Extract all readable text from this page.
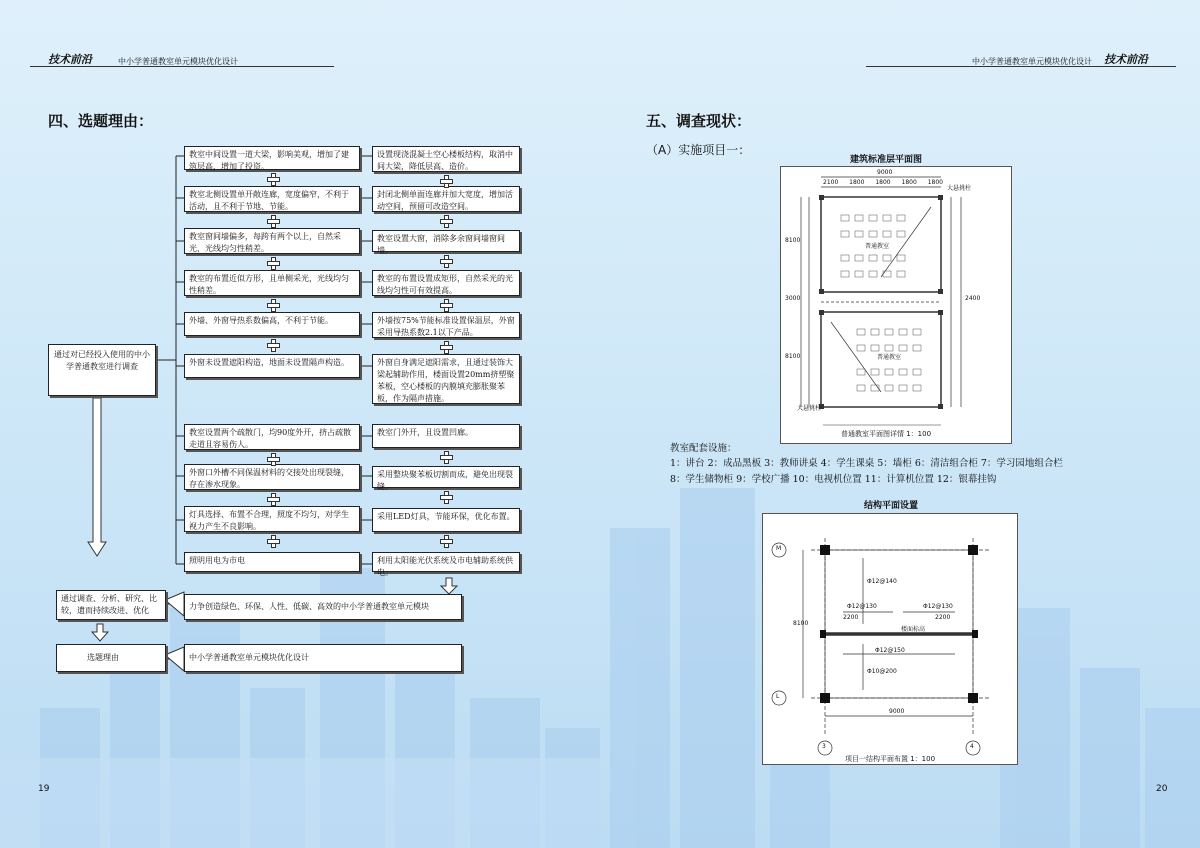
技术前沿	中小学普通教室单元模块优化设计
四、选题理由：
通过对已经投入使用的中小学普通教室进行调查
教室中间设置一道大梁，影响美观，增加了建筑层高，增加了投资。
教室北侧设置单开敞连廊，宽度偏窄，不利于活动，且不利于节地、节能。
教室窗间墙偏多，每跨有两个以上，自然采光，光线均匀性稍差。
教室的布置近似方形，且单侧采光，光线均匀性稍差。
外墙、外窗导热系数偏高，不利于节能。
外窗未设置遮阳构造，地面未设置隔声构造。
教室设置两个疏散门，均90度外开，挤占疏散走道且容易伤人。
外窗口外槽不同保温材料的交接处出现裂缝，存在渗水现象。
灯具选择、布置不合理，照度不均匀，对学生视力产生不良影响。
照明用电为市电
设置现浇混凝土空心楼板结构，取消中间大梁，降低层高、造价。
封闭北侧单面连廊并加大宽度，增加活动空间，预留可改造空间。
教室设置大窗，消除多余窗间墙窗间墙。
教室的布置设置成矩形，自然采光的光线均匀性可有效提高。
外墙按75%节能标准设置保温层，外窗采用导热系数2.1以下产品。
外窗自身满足遮阳需求，且通过装饰大梁起辅助作用，楼面设置20mm挤塑聚苯板，空心楼板的内膜填充膨胀聚苯板，作为隔声措施。
教室门外开，且设置凹廊。
采用整块聚苯板切割而成，避免出现裂缝。
采用LED灯具，节能环保，优化布置。
利用太阳能光伏系统及市电辅助系统供电。
通过调查、分析、研究、比较，遗而持续改进、优化	力争创造绿色、环保、人性、低碳、高效的中小学普通教室单元模块
选题理由	中小学普通教室单元模块优化设计
19
中小学普通教室单元模块优化设计 技术前沿
五、调查现状：
（A）实施项目一：
建筑标准层平面图
9000
2100 1800 1800 1800 1800
普通教室
普通教室
大悬挑柱
大悬挑柱
8100
3000	2400
8100
普通教室平面图详情 1：100
教室配套设施：
1：讲台 2：成品黑板 3：教师讲桌 4：学生课桌 5：墙柜 6：清洁组合柜 7：学习园地组合栏
8：学生储物柜 9：学校广播 10：电视机位置 11：计算机位置 12：银幕挂钩
结构平面设置
M
L
3	4
9000
8100
2200	2200
Φ12@130	Φ12@130
Φ12@140
Φ12@150
Φ10@200
楼面标高
项目一结构平面布置 1：100
20
